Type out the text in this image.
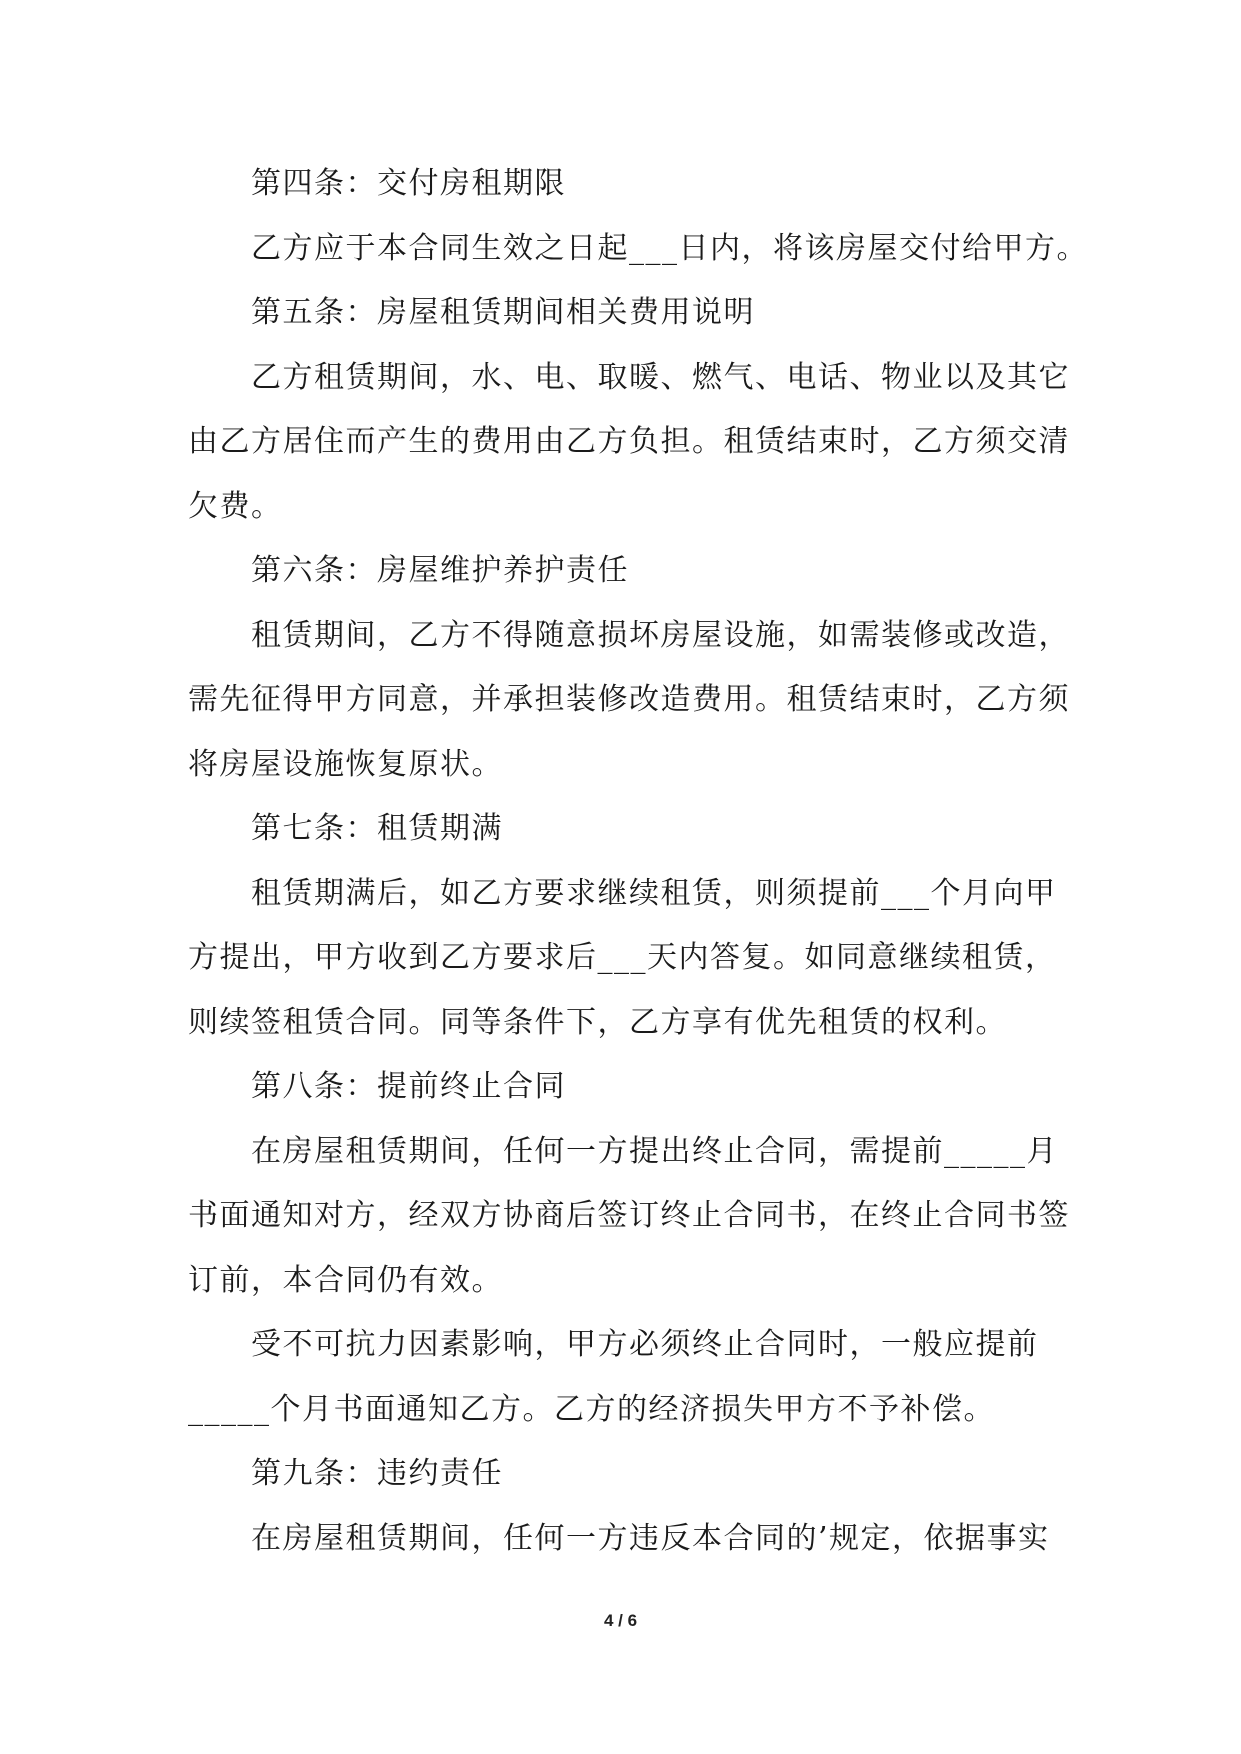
第四条：交付房租期限
乙方应于本合同生效之日起___日内，将该房屋交付给甲方。
第五条：房屋租赁期间相关费用说明
乙方租赁期间，水、电、取暖、燃气、电话、物业以及其它
由乙方居住而产生的费用由乙方负担。租赁结束时，乙方须交清
欠费。
第六条：房屋维护养护责任
租赁期间，乙方不得随意损坏房屋设施，如需装修或改造，
需先征得甲方同意，并承担装修改造费用。租赁结束时，乙方须
将房屋设施恢复原状。
第七条：租赁期满
租赁期满后，如乙方要求继续租赁，则须提前___个月向甲
方提出，甲方收到乙方要求后___天内答复。如同意继续租赁，
则续签租赁合同。同等条件下，乙方享有优先租赁的权利。
第八条：提前终止合同
在房屋租赁期间，任何一方提出终止合同，需提前_____月
书面通知对方，经双方协商后签订终止合同书，在终止合同书签
订前，本合同仍有效。
受不可抗力因素影响，甲方必须终止合同时，一般应提前
_____个月书面通知乙方。乙方的经济损失甲方不予补偿。
第九条：违约责任
在房屋租赁期间，任何一方违反本合同的’规定，依据事实
4 / 6
